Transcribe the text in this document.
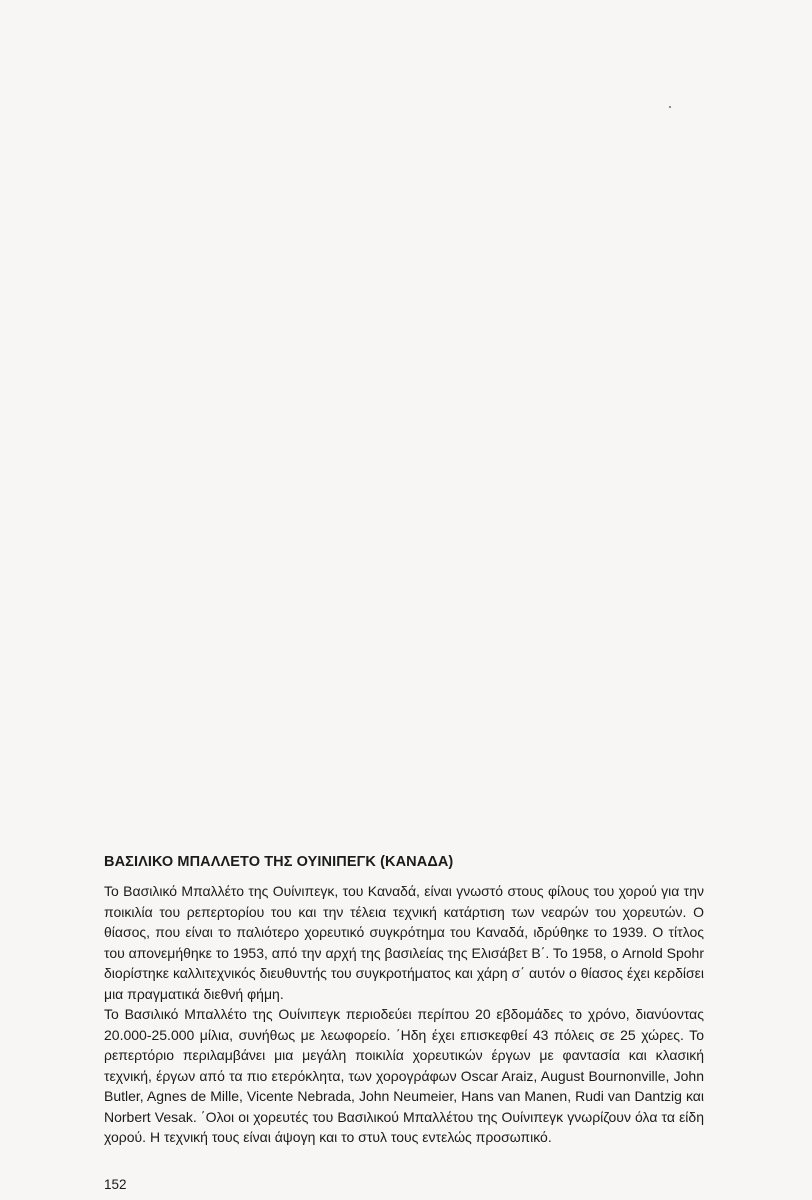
ΒΑΣΙΛΙΚΟ ΜΠΑΛΛΕΤΟ ΤΗΣ ΟΥΙΝΙΠΕΓΚ (ΚΑΝΑΔΑ)

Το Βασιλικό Μπαλλέτο της Ουίνιπεγκ, του Καναδά, είναι γνωστό στους φίλους του χορού για την ποικιλία του ρεπερτορίου του και την τέλεια τεχνική κατάρτιση των νεαρών του χορευτών. Ο θίασος, που είναι το παλιότερο χορευτικό συγκρότημα του Καναδά, ιδρύθηκε το 1939. Ο τίτλος του απονεμήθηκε το 1953, από την αρχή της βασιλείας της Ελισάβετ Β΄. Το 1958, ο Arnold Spohr διορίστηκε καλλιτεχνικός διευθυντής του συγκροτήματος και χάρη σ΄ αυτόν ο θίασος έχει κερδίσει μια πραγματικά διεθνή φήμη.

Το Βασιλικό Μπαλλέτο της Ουίνιπεγκ περιοδεύει περίπου 20 εβδομάδες το χρόνο, διανύοντας 20.000-25.000 μίλια, συνήθως με λεωφορείο. ΄Ηδη έχει επισκεφθεί 43 πόλεις σε 25 χώρες. Το ρεπερτόριο περιλαμβάνει μια μεγάλη ποικιλία χορευτικών έργων με φαντασία και κλασική τεχνική, έργων από τα πιο ετερόκλητα, των χορογράφων Oscar Araiz, August Bournonville, John Butler, Agnes de Mille, Vicente Nebrada, John Neumeier, Hans van Manen, Rudi van Dantzig και Norbert Vesak. ΄Ολοι οι χορευτές του Βασιλικού Μπαλλέτου της Ουίνιπεγκ γνωρίζουν όλα τα είδη χορού. Η τεχνική τους είναι άψογη και το στυλ τους εντελώς προσωπικό.

152
